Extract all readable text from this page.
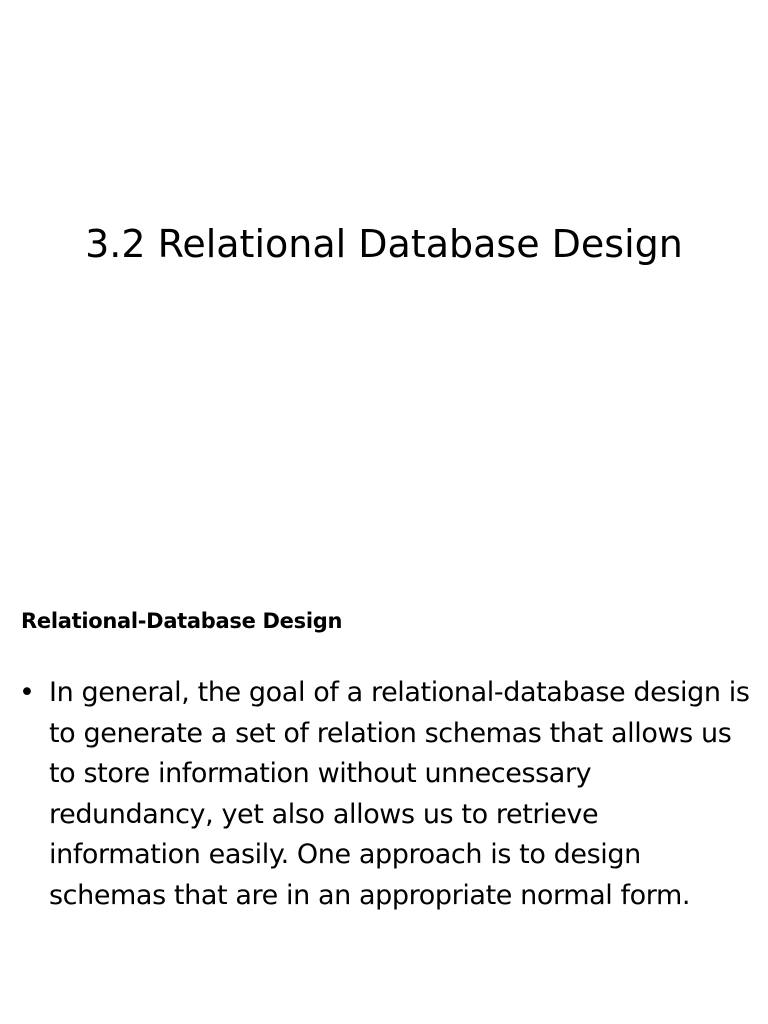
3.2 Relational Database Design
Relational-Database Design
• In general, the goal of a relational-database design is to generate a set of relation schemas that allows us to store information without unnecessary redundancy, yet also allows us to retrieve information easily. One approach is to design schemas that are in an appropriate normal form.
